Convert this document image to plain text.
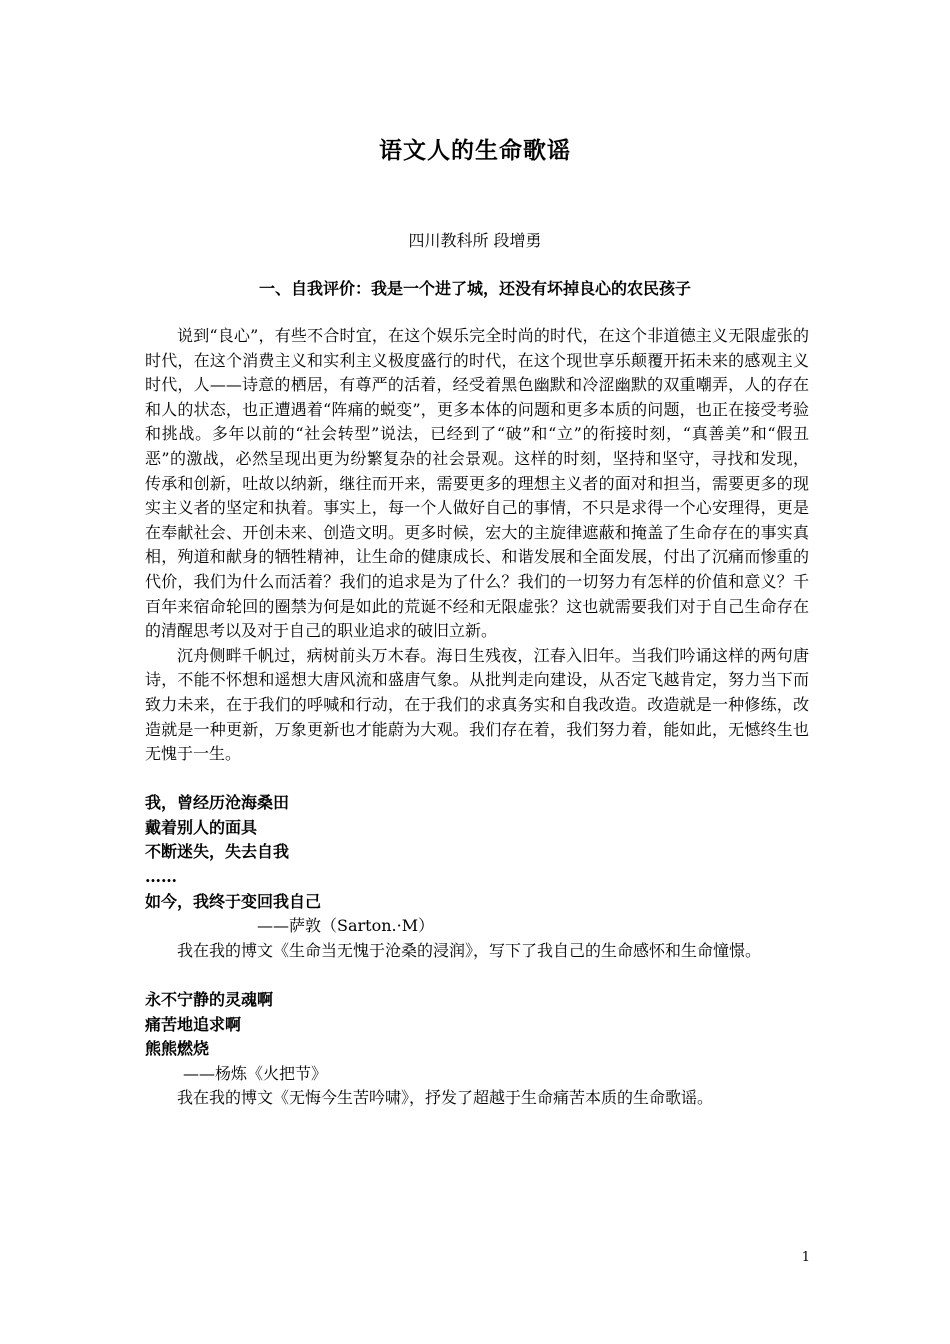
语文人的生命歌谣
四川教科所 段增勇
一、自我评价：我是一个进了城，还没有坏掉良心的农民孩子

说到“良心”，有些不合时宜，在这个娱乐完全时尚的时代，在这个非道德主义无限虚张的时代，在这个消费主义和实利主义极度盛行的时代，在这个现世享乐颠覆开拓未来的感观主义时代，人——诗意的栖居，有尊严的活着，经受着黑色幽默和冷涩幽默的双重嘲弄，人的存在和人的状态，也正遭遇着“阵痛的蜕变”，更多本体的问题和更多本质的问题，也正在接受考验和挑战。多年以前的“社会转型”说法，已经到了“破”和“立”的衔接时刻，“真善美”和“假丑恶”的激战，必然呈现出更为纷繁复杂的社会景观。这样的时刻，坚持和坚守，寻找和发现，传承和创新，吐故以纳新，继往而开来，需要更多的理想主义者的面对和担当，需要更多的现实主义者的坚定和执着。事实上，每一个人做好自己的事情，不只是求得一个心安理得，更是在奉献社会、开创未来、创造文明。更多时候，宏大的主旋律遮蔽和掩盖了生命存在的事实真相，殉道和献身的牺牲精神，让生命的健康成长、和谐发展和全面发展，付出了沉痛而惨重的代价，我们为什么而活着？我们的追求是为了什么？我们的一切努力有怎样的价值和意义？千百年来宿命轮回的圈禁为何是如此的荒诞不经和无限虚张？这也就需要我们对于自己生命存在的清醒思考以及对于自己的职业追求的破旧立新。

沉舟侧畔千帆过，病树前头万木春。海日生残夜，江春入旧年。当我们吟诵这样的两句唐诗，不能不怀想和遥想大唐风流和盛唐气象。从批判走向建设，从否定飞越肯定，努力当下而致力未来，在于我们的呼喊和行动，在于我们的求真务实和自我改造。改造就是一种修练，改造就是一种更新，万象更新也才能蔚为大观。我们存在着，我们努力着，能如此，无憾终生也无愧于一生。

我，曾经历沧海桑田

戴着别人的面具

不断迷失，失去自我

……

如今，我终于变回我自己

——萨敦（Sarton.·M）

我在我的博文《生命当无愧于沧桑的浸润》，写下了我自己的生命感怀和生命憧憬。

永不宁静的灵魂啊

痛苦地追求啊

熊熊燃烧

——杨炼《火把节》

我在我的博文《无悔今生苦吟啸》，抒发了超越于生命痛苦本质的生命歌谣。

1
